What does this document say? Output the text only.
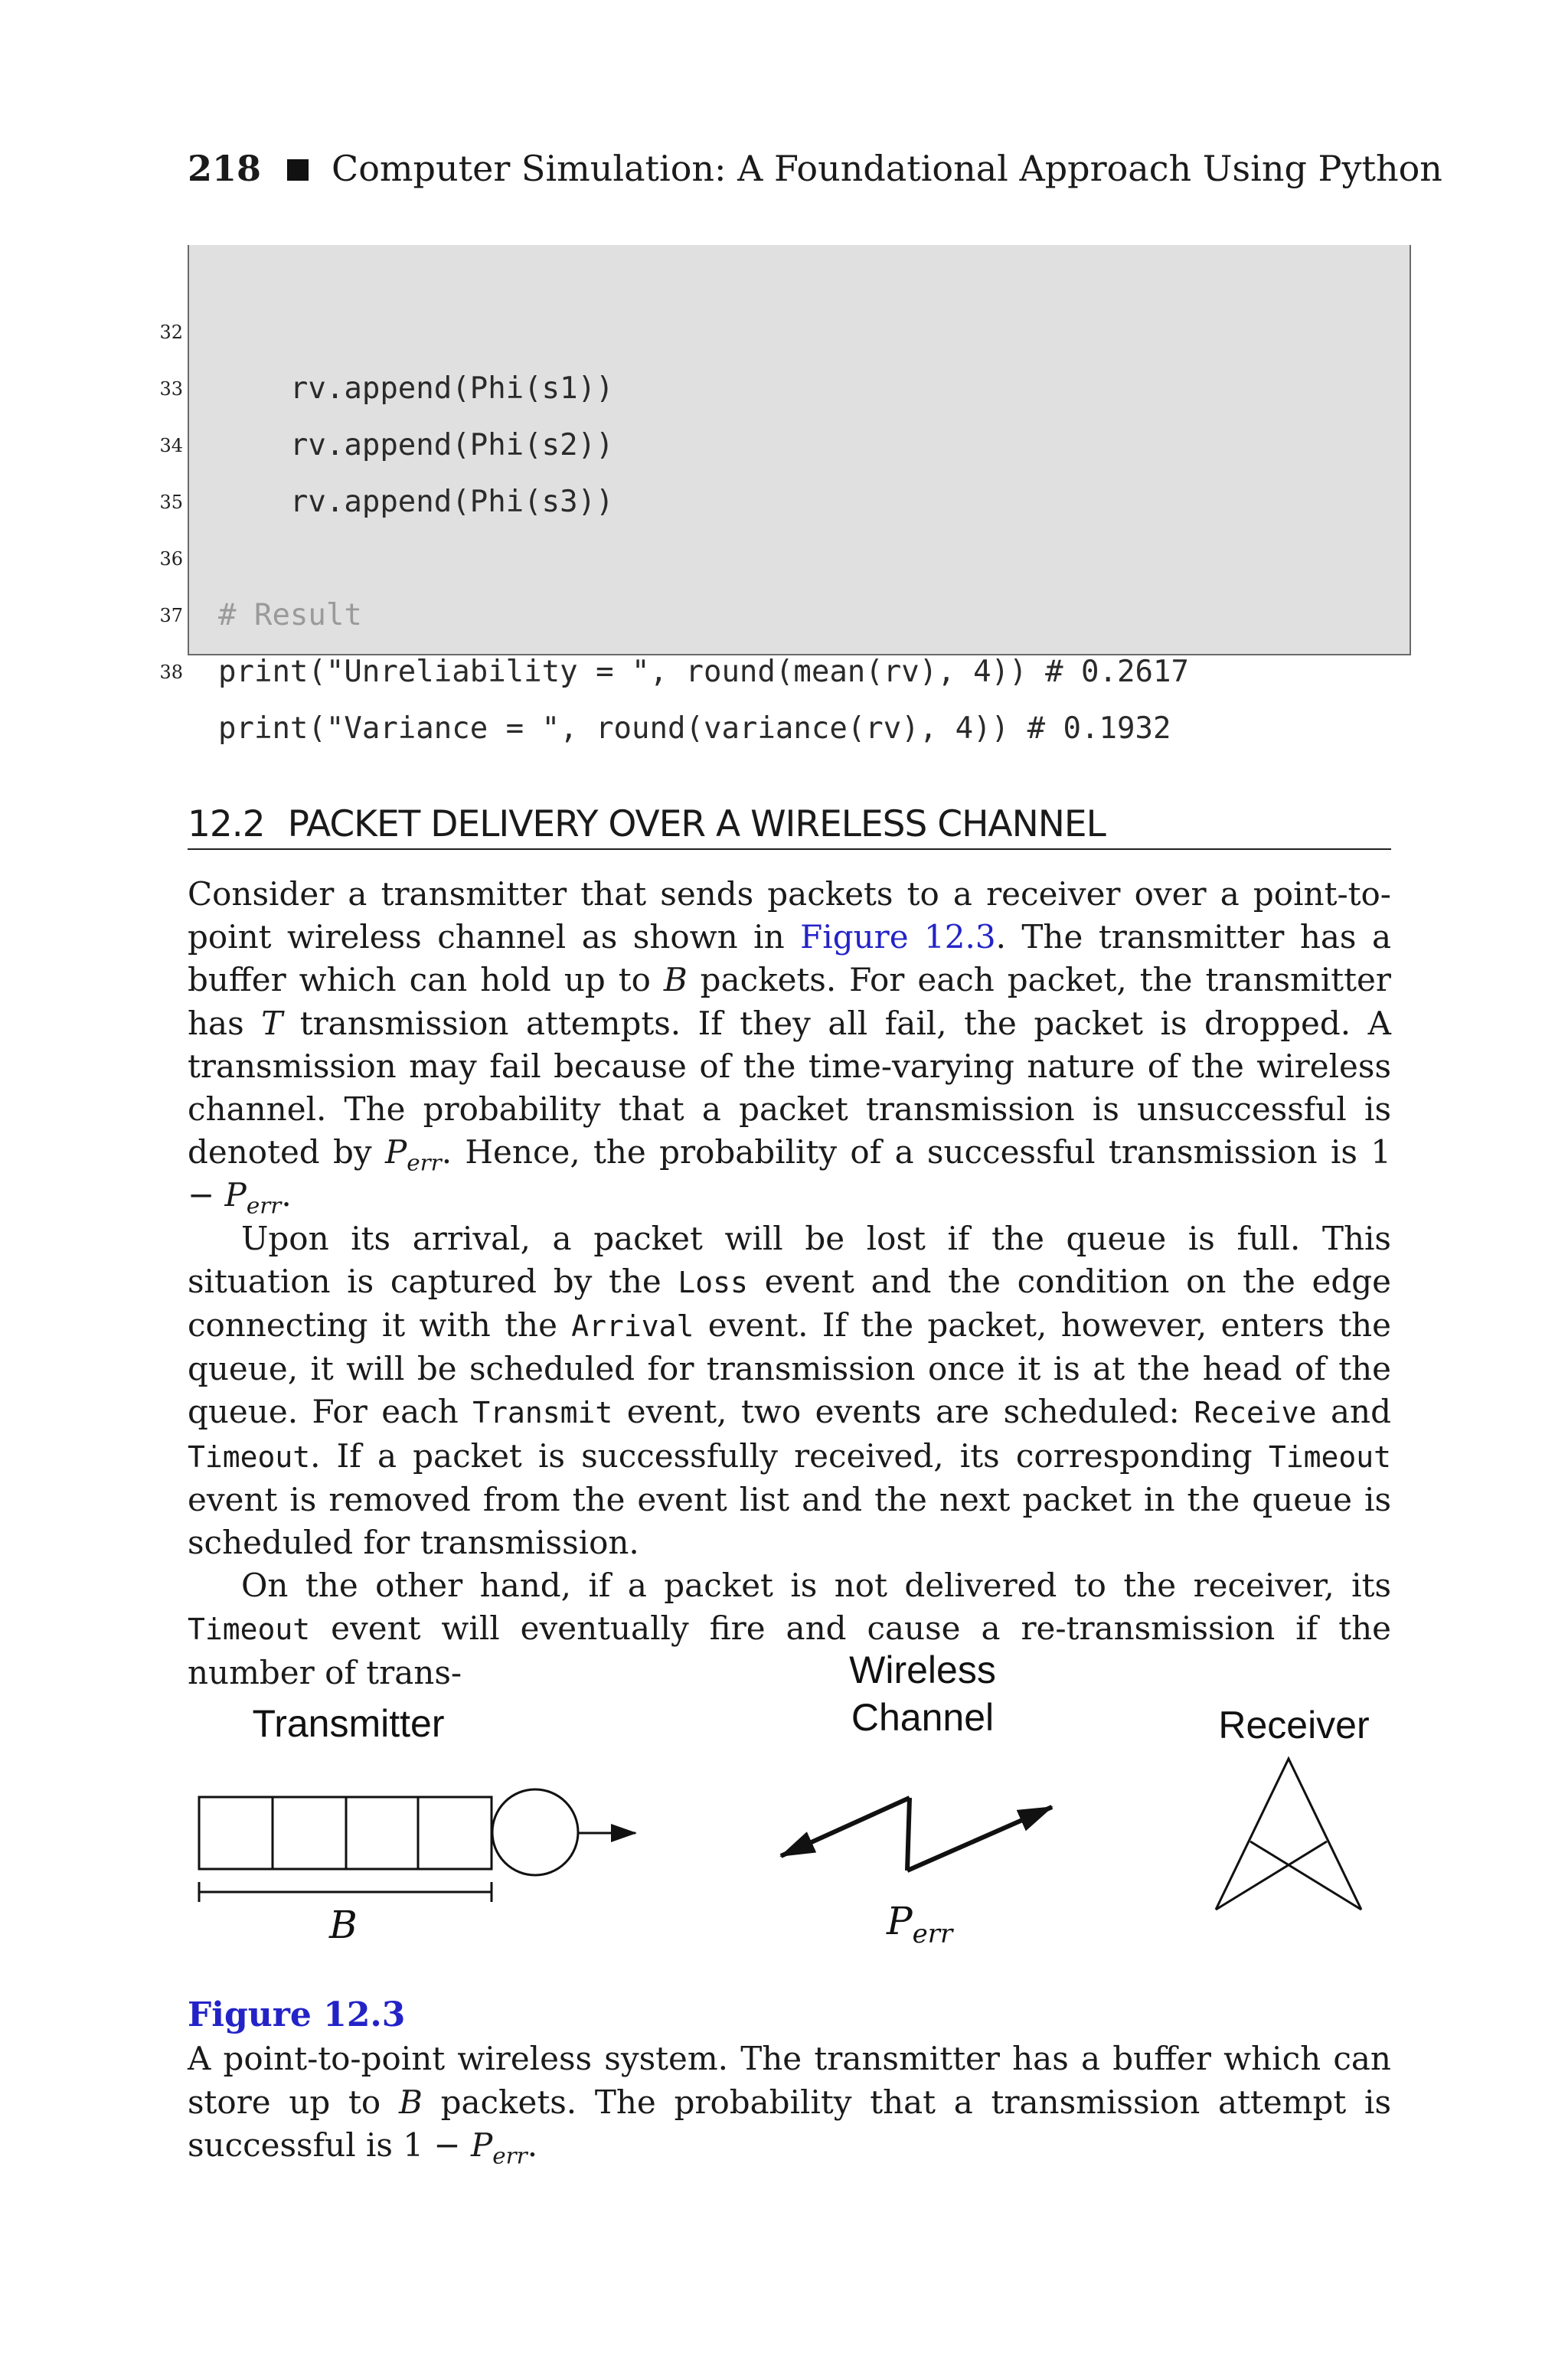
218 Computer Simulation: A Foundational Approach Using Python

32

rv.append(Phi(s1))

33

rv.append(Phi(s2))

34

rv.append(Phi(s3))

35

36

# Result

37

print("Unreliability = ", round(mean(rv), 4)) # 0.2617

38

print("Variance = ", round(variance(rv), 4)) # 0.1932

12.2 PACKET DELIVERY OVER A WIRELESS CHANNEL

Consider a transmitter that sends packets to a receiver over a point-to-point wireless channel as shown in Figure 12.3. The transmitter has a buffer which can hold up to B packets. For each packet, the transmitter has T transmission attempts. If they all fail, the packet is dropped. A transmission may fail because of the time-varying nature of the wireless channel. The probability that a packet transmission is unsuccessful is denoted by $P_{err}$. Hence, the probability of a successful transmission is $1 - P_{err}$.

Upon its arrival, a packet will be lost if the queue is full. This situation is captured by the Loss event and the condition on the edge connecting it with the Arrival event. If the packet, however, enters the queue, it will be scheduled for transmission once it is at the head of the queue. For each Transmit event, two events are scheduled: Receive and Timeout. If a packet is successfully received, its corresponding Timeout event is removed from the event list and the next packet in the queue is scheduled for transmission.

On the other hand, if a packet is not delivered to the receiver, its Timeout event will eventually fire and cause a re-transmission if the number of trans-

Transmitter
Wireless
Channel	Receiver
B	$P_{err}$
Figure 12.3
A point-to-point wireless system. The transmitter has a buffer which can store up to B packets. The probability that a transmission attempt is successful is $1 - P_{err}$.
